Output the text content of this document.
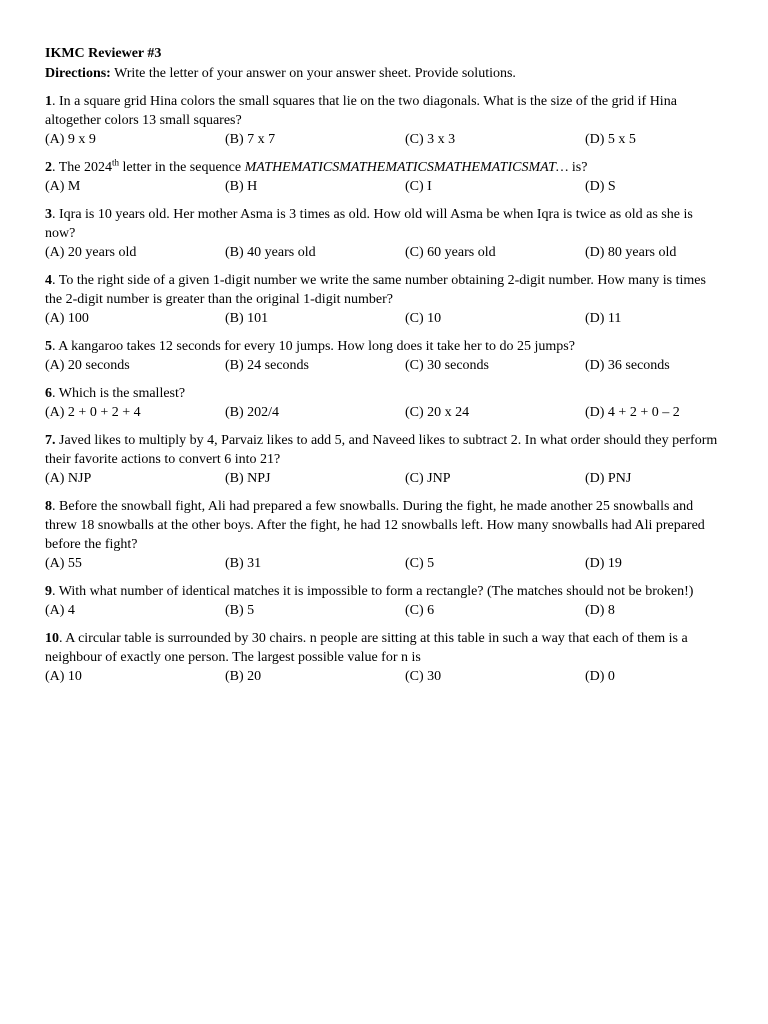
IKMC Reviewer #3
Directions: Write the letter of your answer on your answer sheet. Provide solutions.
1. In a square grid Hina colors the small squares that lie on the two diagonals. What is the size of the grid if Hina altogether colors 13 small squares?
(A) 9 x 9	(B) 7 x 7	(C) 3 x 3	(D) 5 x 5
2. The 2024th letter in the sequence MATHEMATICSMATHEMATICSMATHEMATICSMAT… is?
(A) M	(B) H	(C) I	(D) S
3. Iqra is 10 years old. Her mother Asma is 3 times as old. How old will Asma be when Iqra is twice as old as she is now?
(A) 20 years old	(B) 40 years old	(C) 60 years old	(D) 80 years old
4. To the right side of a given 1-digit number we write the same number obtaining 2-digit number. How many is times the 2-digit number is greater than the original 1-digit number?
(A) 100	(B) 101	(C) 10	(D) 11
5. A kangaroo takes 12 seconds for every 10 jumps. How long does it take her to do 25 jumps?
(A) 20 seconds	(B) 24 seconds	(C) 30 seconds	(D) 36 seconds
6. Which is the smallest?
(A) 2 + 0 + 2 + 4	(B) 202/4	(C) 20 x 24	(D) 4 + 2 + 0 – 2
7. Javed likes to multiply by 4, Parvaiz likes to add 5, and Naveed likes to subtract 2. In what order should they perform their favorite actions to convert 6 into 21?
(A) NJP	(B) NPJ	(C) JNP	(D) PNJ
8. Before the snowball fight, Ali had prepared a few snowballs. During the fight, he made another 25 snowballs and threw 18 snowballs at the other boys. After the fight, he had 12 snowballs left. How many snowballs had Ali prepared before the fight?
(A) 55	(B) 31	(C) 5	(D) 19
9. With what number of identical matches it is impossible to form a rectangle? (The matches should not be broken!)
(A) 4	(B) 5	(C) 6	(D) 8
10. A circular table is surrounded by 30 chairs. n people are sitting at this table in such a way that each of them is a neighbour of exactly one person. The largest possible value for n is
(A) 10	(B) 20	(C) 30	(D) 0
